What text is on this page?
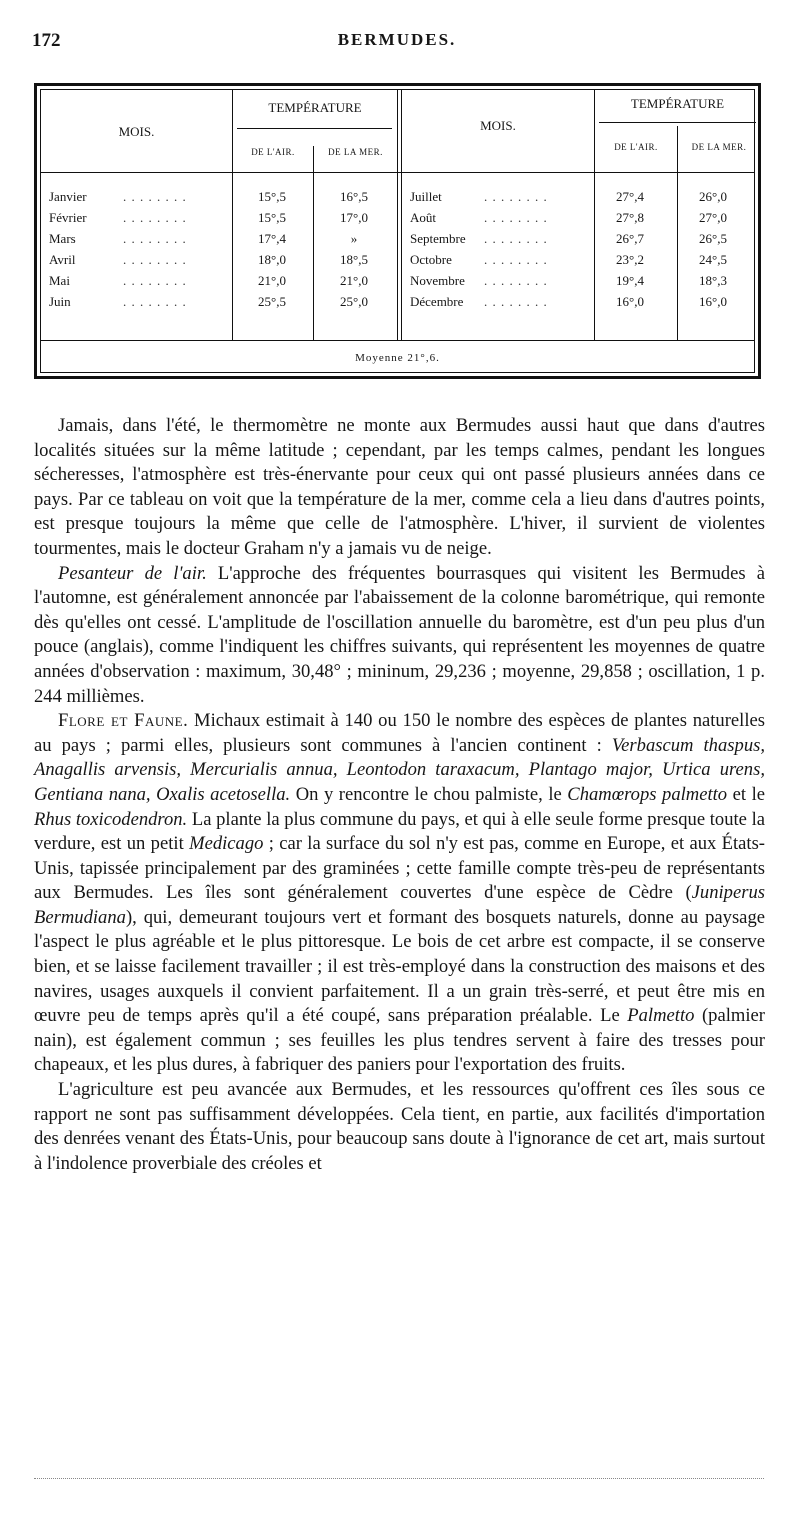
172	BERMUDES.
MOIS.
TEMPÉRATURE
DE L'AIR.	DE LA MER.
MOIS.
TEMPÉRATURE
DE L'AIR.	DE LA MER.
Janvier	. . . . . . . .	15°,5	16°,5
Février	. . . . . . . .	15°,5	17°,0
Mars	. . . . . . . .	17°,4	»
Avril	. . . . . . . .	18°,0	18°,5
Mai	. . . . . . . .	21°,0	21°,0
Juin	. . . . . . . .	25°,5	25°,0
Juillet	. . . . . . . .	27°,4	26°,0
Août	. . . . . . . .	27°,8	27°,0
Septembre . . . . . . . .	26°,7	26°,5
Octobre . . . . . . . .	23°,2	24°,5
Novembre . . . . . . . .	19°,4	18°,3
Décembre . . . . . . . .	16°,0	16°,0
Moyenne 21°,6.

Jamais, dans l'été, le thermomètre ne monte aux Bermudes aussi haut que dans d'autres localités situées sur la même latitude ; cependant, par les temps calmes, pendant les longues sécheresses, l'atmosphère est très-énervante pour ceux qui ont passé plusieurs années dans ce pays. Par ce tableau on voit que la température de la mer, comme cela a lieu dans d'autres points, est presque toujours la même que celle de l'atmosphère. L'hiver, il survient de violentes tourmentes, mais le docteur Graham n'y a jamais vu de neige.

Pesanteur de l'air. L'approche des fréquentes bourrasques qui visitent les Bermudes à l'automne, est généralement annoncée par l'abaissement de la colonne barométrique, qui remonte dès qu'elles ont cessé. L'amplitude de l'oscillation annuelle du baromètre, est d'un peu plus d'un pouce (anglais), comme l'indiquent les chiffres suivants, qui représentent les moyennes de quatre années d'observation : maximum, 30,48° ; mininum, 29,236 ; moyenne, 29,858 ; oscillation, 1 p. 244 millièmes.

Flore et Faune. Michaux estimait à 140 ou 150 le nombre des espèces de plantes naturelles au pays ; parmi elles, plusieurs sont communes à l'ancien continent : Verbascum thaspus, Anagallis arvensis, Mercurialis annua, Leontodon taraxacum, Plantago major, Urtica urens, Gentiana nana, Oxalis acetosella. On y rencontre le chou palmiste, le Chamœrops palmetto et le Rhus toxicodendron. La plante la plus commune du pays, et qui à elle seule forme presque toute la verdure, est un petit Medicago ; car la surface du sol n'y est pas, comme en Europe, et aux États-Unis, tapissée principalement par des graminées ; cette famille compte très-peu de représentants aux Bermudes. Les îles sont généralement couvertes d'une espèce de Cèdre (Juniperus Bermudiana), qui, demeurant toujours vert et formant des bosquets naturels, donne au paysage l'aspect le plus agréable et le plus pittoresque. Le bois de cet arbre est compacte, il se conserve bien, et se laisse facilement travailler ; il est très-employé dans la construction des maisons et des navires, usages auxquels il convient parfaitement. Il a un grain très-serré, et peut être mis en œuvre peu de temps après qu'il a été coupé, sans préparation préalable. Le Palmetto (palmier nain), est également commun ; ses feuilles les plus tendres servent à faire des tresses pour chapeaux, et les plus dures, à fabriquer des paniers pour l'exportation des fruits.

L'agriculture est peu avancée aux Bermudes, et les ressources qu'offrent ces îles sous ce rapport ne sont pas suffisamment développées. Cela tient, en partie, aux facilités d'importation des denrées venant des États-Unis, pour beaucoup sans doute à l'ignorance de cet art, mais surtout à l'indolence proverbiale des créoles et
